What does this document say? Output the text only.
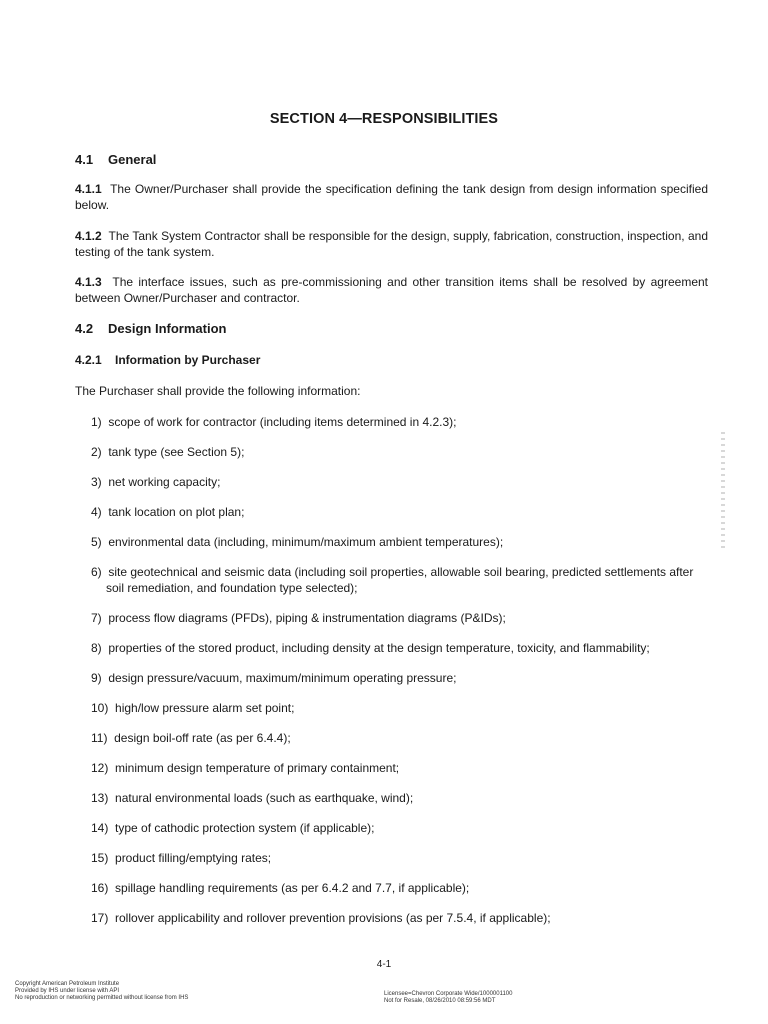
SECTION 4—RESPONSIBILITIES
4.1 General
4.1.1 The Owner/Purchaser shall provide the specification defining the tank design from design information specified below.
4.1.2 The Tank System Contractor shall be responsible for the design, supply, fabrication, construction, inspection, and testing of the tank system.
4.1.3 The interface issues, such as pre-commissioning and other transition items shall be resolved by agreement between Owner/Purchaser and contractor.
4.2 Design Information
4.2.1 Information by Purchaser
The Purchaser shall provide the following information:
1) scope of work for contractor (including items determined in 4.2.3);
2) tank type (see Section 5);
3) net working capacity;
4) tank location on plot plan;
5) environmental data (including, minimum/maximum ambient temperatures);
6) site geotechnical and seismic data (including soil properties, allowable soil bearing, predicted settlements after
soil remediation, and foundation type selected);
7) process flow diagrams (PFDs), piping & instrumentation diagrams (P&IDs);
8) properties of the stored product, including density at the design temperature, toxicity, and flammability;
9) design pressure/vacuum, maximum/minimum operating pressure;
10) high/low pressure alarm set point;
11) design boil-off rate (as per 6.4.4);
12) minimum design temperature of primary containment;
13) natural environmental loads (such as earthquake, wind);
14) type of cathodic protection system (if applicable);
15) product filling/emptying rates;
16) spillage handling requirements (as per 6.4.2 and 7.7, if applicable);
17) rollover applicability and rollover prevention provisions (as per 7.5.4, if applicable);
4-1
Copyright American Petroleum Institute
Provided by IHS under license with API
No reproduction or networking permitted without license from IHS
Licensee=Chevron Corporate Wide/1000001100
Not for Resale, 08/26/2010 08:59:56 MDT
